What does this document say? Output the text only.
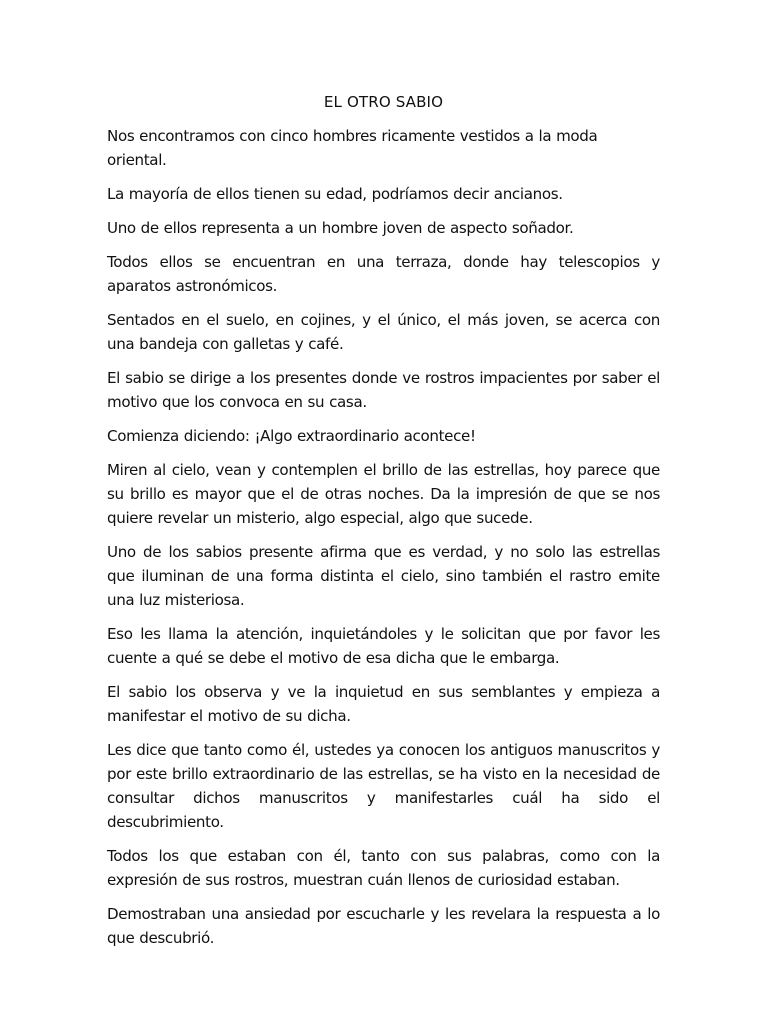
EL OTRO SABIO

Nos encontramos con cinco hombres ricamente vestidos a la moda oriental.

La mayoría de ellos tienen su edad, podríamos decir ancianos.

Uno de ellos representa a un hombre joven de aspecto soñador.

Todos ellos se encuentran en una terraza, donde hay telescopios y aparatos astronómicos.

Sentados en el suelo, en cojines, y el único, el más joven, se acerca con una bandeja con galletas y café.

El sabio se dirige a los presentes donde ve rostros impacientes por saber el motivo que los convoca en su casa.

Comienza diciendo: ¡Algo extraordinario acontece!

Miren al cielo, vean y contemplen el brillo de las estrellas, hoy parece que su brillo es mayor que el de otras noches. Da la impresión de que se nos quiere revelar un misterio, algo especial, algo que sucede.

Uno de los sabios presente afirma que es verdad, y no solo las estrellas que iluminan de una forma distinta el cielo, sino también el rastro emite una luz misteriosa.

Eso les llama la atención, inquietándoles y le solicitan que por favor les cuente a qué se debe el motivo de esa dicha que le embarga.

El sabio los observa y ve la inquietud en sus semblantes y empieza a manifestar el motivo de su dicha.

Les dice que tanto como él, ustedes ya conocen los antiguos manuscritos y por este brillo extraordinario de las estrellas, se ha visto en la necesidad de consultar dichos manuscritos y manifestarles cuál ha sido el descubrimiento.

Todos los que estaban con él, tanto con sus palabras, como con la expresión de sus rostros, muestran cuán llenos de curiosidad estaban.

Demostraban una ansiedad por escucharle y les revelara la respuesta a lo que descubrió.
